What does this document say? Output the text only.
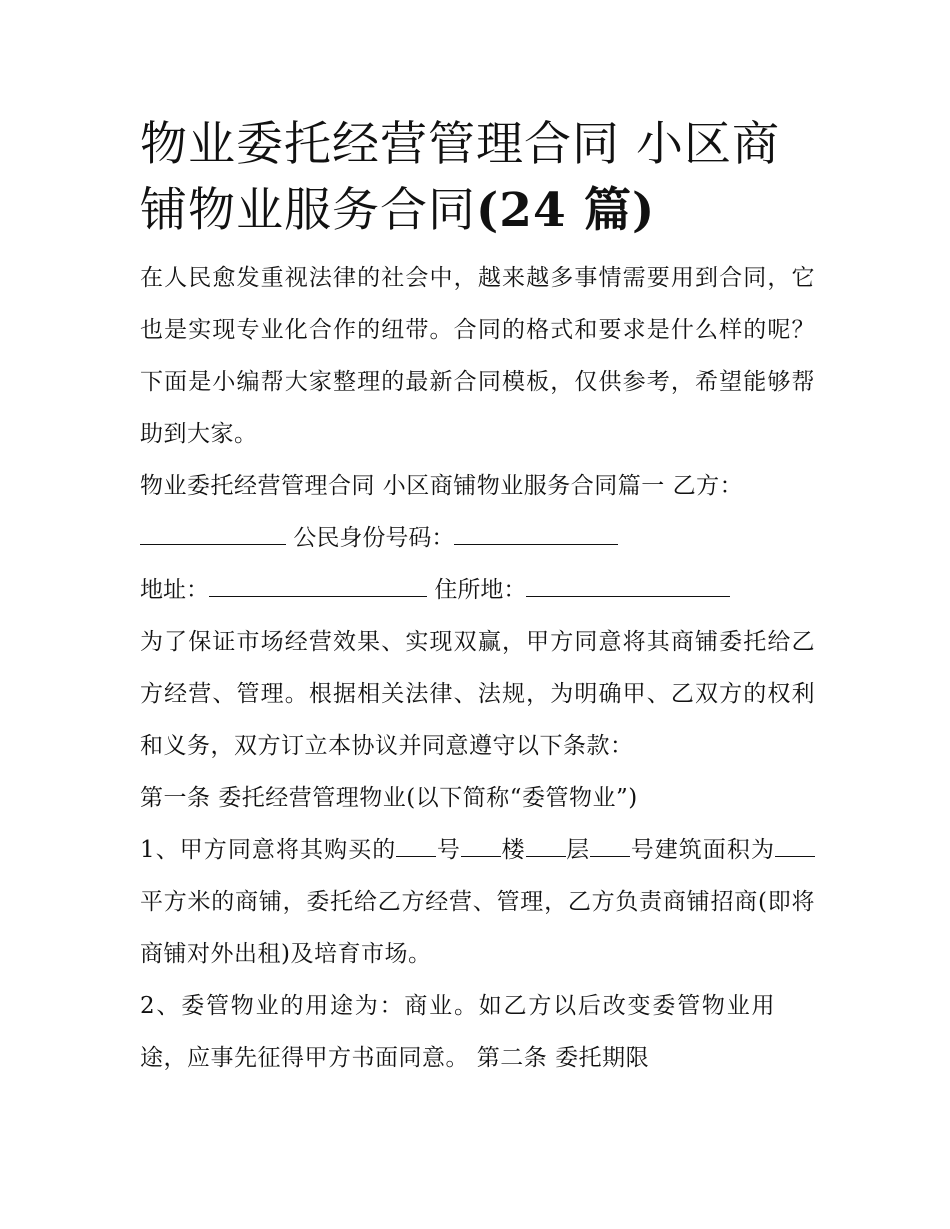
物业委托经营管理合同 小区商
铺物业服务合同(24 篇)

在人民愈发重视法律的社会中，越来越多事情需要用到合同，它也是实现专业化合作的纽带。合同的格式和要求是什么样的呢？下面是小编帮大家整理的最新合同模板，仅供参考，希望能够帮助到大家。

物业委托经营管理合同 小区商铺物业服务合同篇一 乙方：

公民身份号码：

地址：	住所地：

为了保证市场经营效果、实现双赢，甲方同意将其商铺委托给乙方经营、管理。根据相关法律、法规，为明确甲、乙双方的权利和义务，双方订立本协议并同意遵守以下条款：

第一条 委托经营管理物业(以下简称“委管物业”)

1、甲方同意将其购买的 号 楼 层 号建筑面积为平方米的商铺，委托给乙方经营、管理，乙方负责商铺招商(即将商铺对外出租)及培育市场。

2、委管物业的用途为：商业。如乙方以后改变委管物业用途，应事先征得甲方书面同意。 第二条 委托期限
